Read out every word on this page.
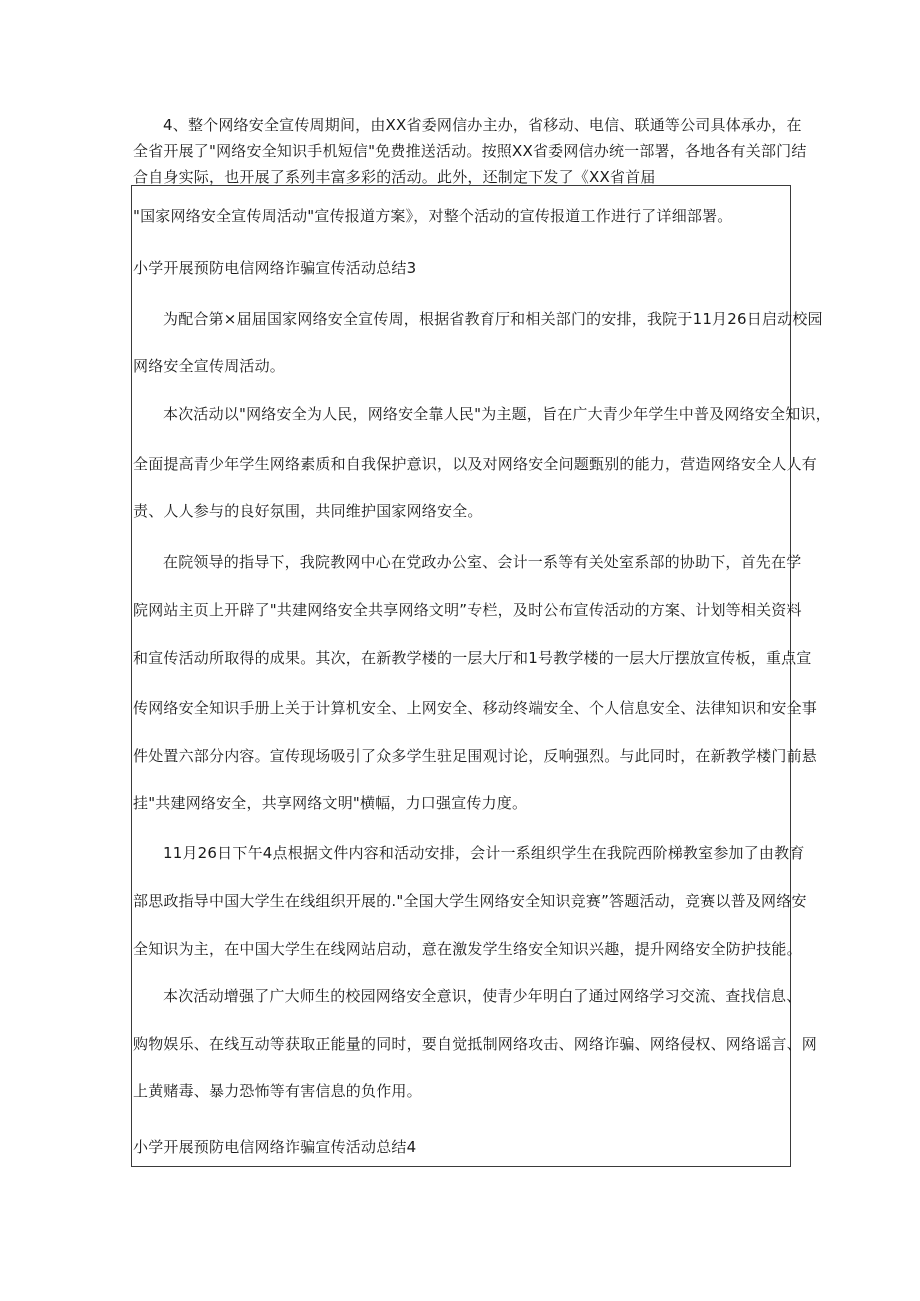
4、整个网络安全宣传周期间，由XX省委网信办主办，省移动、电信、联通等公司具体承办，在
全省开展了"网络安全知识手机短信"免费推送活动。按照XX省委网信办统一部署，各地各有关部门结
合自身实际，也开展了系列丰富多彩的活动。此外，还制定下发了《XX省首届
"国家网络安全宣传周活动"宣传报道方案》，对整个活动的宣传报道工作进行了详细部署。
小学开展预防电信网络诈骗宣传活动总结3
为配合第×届届国家网络安全宣传周，根据省教育厅和相关部门的安排，我院于11月26日启动校园
网络安全宣传周活动。
本次活动以"网络安全为人民，网络安全靠人民"为主题，旨在广大青少年学生中普及网络安全知识，
全面提高青少年学生网络素质和自我保护意识，以及对网络安全问题甄别的能力，营造网络安全人人有
责、人人参与的良好氛围，共同维护国家网络安全。
在院领导的指导下，我院教网中心在党政办公室、会计一系等有关处室系部的协助下，首先在学
院网站主页上开辟了"共建网络安全共享网络文明”专栏，及时公布宣传活动的方案、计划等相关资料
和宣传活动所取得的成果。其次，在新教学楼的一层大厅和1号教学楼的一层大厅摆放宣传板，重点宣
传网络安全知识手册上关于计算机安全、上网安全、移动终端安全、个人信息安全、法律知识和安全事
件处置六部分内容。宣传现场吸引了众多学生驻足围观讨论，反响强烈。与此同时，在新教学楼门前悬
挂"共建网络安全，共享网络文明"横幅，力口强宣传力度。
11月26日下午4点根据文件内容和活动安排，会计一系组织学生在我院西阶梯教室参加了由教育
部思政指导中国大学生在线组织开展的."全国大学生网络安全知识竞赛”答题活动，竞赛以普及网络安
全知识为主，在中国大学生在线网站启动，意在激发学生络安全知识兴趣，提升网络安全防护技能。
本次活动增强了广大师生的校园网络安全意识，使青少年明白了通过网络学习交流、查找信息、
购物娱乐、在线互动等获取正能量的同时，要自觉抵制网络攻击、网络诈骗、网络侵权、网络谣言、网
上黄赌毒、暴力恐怖等有害信息的负作用。
小学开展预防电信网络诈骗宣传活动总结4
